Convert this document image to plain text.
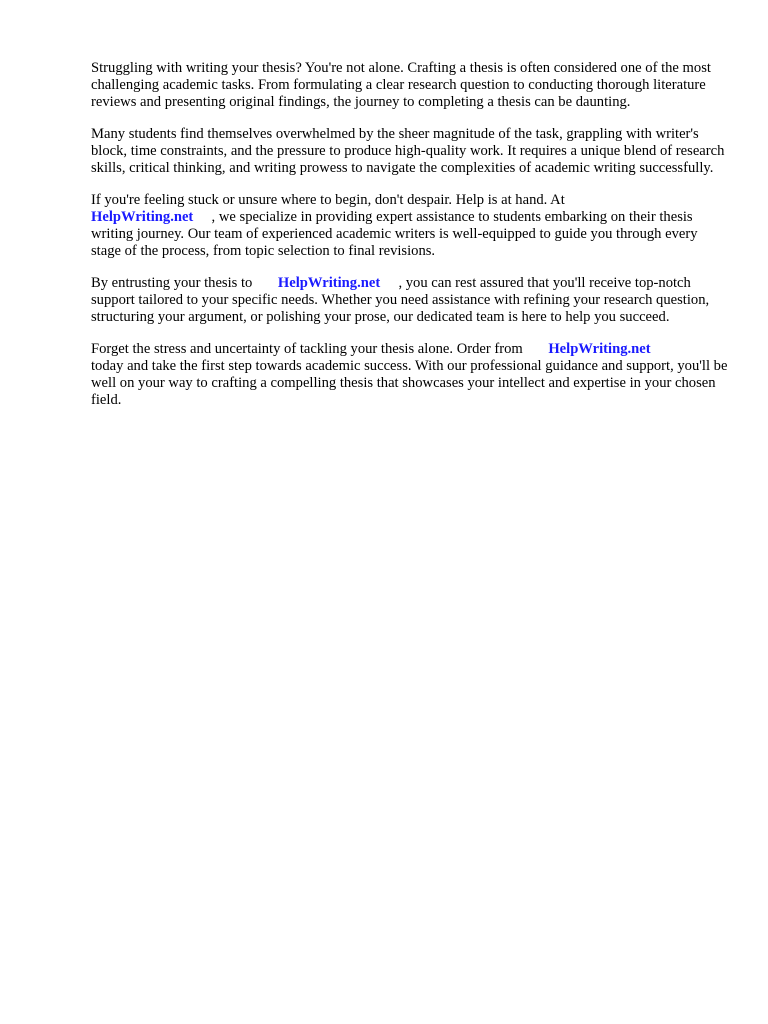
Struggling with writing your thesis? You're not alone. Crafting a thesis is often considered one of the most challenging academic tasks. From formulating a clear research question to conducting thorough literature reviews and presenting original findings, the journey to completing a thesis can be daunting.

Many students find themselves overwhelmed by the sheer magnitude of the task, grappling with writer's block, time constraints, and the pressure to produce high-quality work. It requires a unique blend of research skills, critical thinking, and writing prowess to navigate the complexities of academic writing successfully.

If you're feeling stuck or unsure where to begin, don't despair. Help is at hand. At
HelpWriting.net , we specialize in providing expert assistance to students embarking on their thesis writing journey. Our team of experienced academic writers is well-equipped to guide you through every stage of the process, from topic selection to final revisions.

By entrusting your thesis to HelpWriting.net , you can rest assured that you'll receive top-notch support tailored to your specific needs. Whether you need assistance with refining your research question, structuring your argument, or polishing your prose, our dedicated team is here to help you succeed.

Forget the stress and uncertainty of tackling your thesis alone. Order from HelpWriting.net
today and take the first step towards academic success. With our professional guidance and support, you'll be well on your way to crafting a compelling thesis that showcases your intellect and expertise in your chosen field.
